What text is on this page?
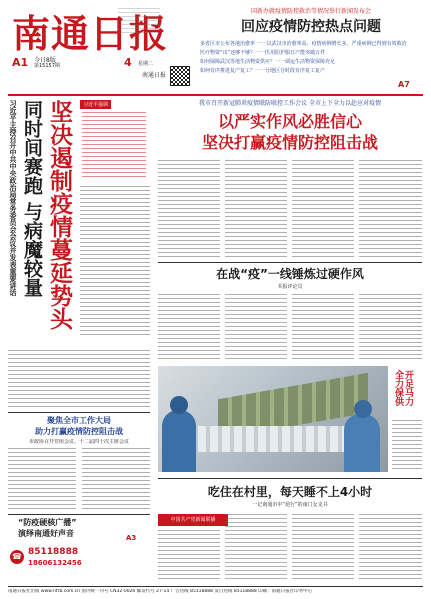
南通日报
A1 今日8版
第15157期	4 星期二
南通日报
国新办就疫情防控救治等情况举行新闻发布会
回应疫情防控热点问题
多省区市公布各地治愈率 一一以武汉市治愈率高，疫情病例增长多，严重病例已得到有效救治
医疗物资“出”还够不够？一一医用防护服日产能突破万件
如何保障武汉等地生活物资供应？一一调运生活物资保障充足
如何有序推进复产复工？一一分地区分时段有序复工复产
A7
习近平主持召开中共中央政治局常务委员会会议并发表重要讲话 坚决遏制疫情蔓延势头
同时间赛跑 与病魔较量	习近平强调	我市召开新冠肺炎疫情联防联控工作会议 全市上下全力以赴应对疫情
以严实作风必胜信心
坚决打赢疫情防控阻击战
在战“疫”一线锤炼过硬作风
本报评论员
聚焦全市工作大局
助力打赢疫情防控阻击战
市政协召开党组会议、十二届四十次主席会议
“防疫硬核广播”
演绎南通好声音	A3
☎ 85118888
18606132456
开足马力
全力保供
吃住在村里，每天睡不上4小时
一记南通市中“逆行”的南门女支书
中国共产党新闻联播
南通日报社出版 www.ntrb.com.cn 国内统一刊号 CN32-0026 邮发代号 27-14 广告热线 85118888 发行热线 85118888 印刷：南通日报社印务中心
